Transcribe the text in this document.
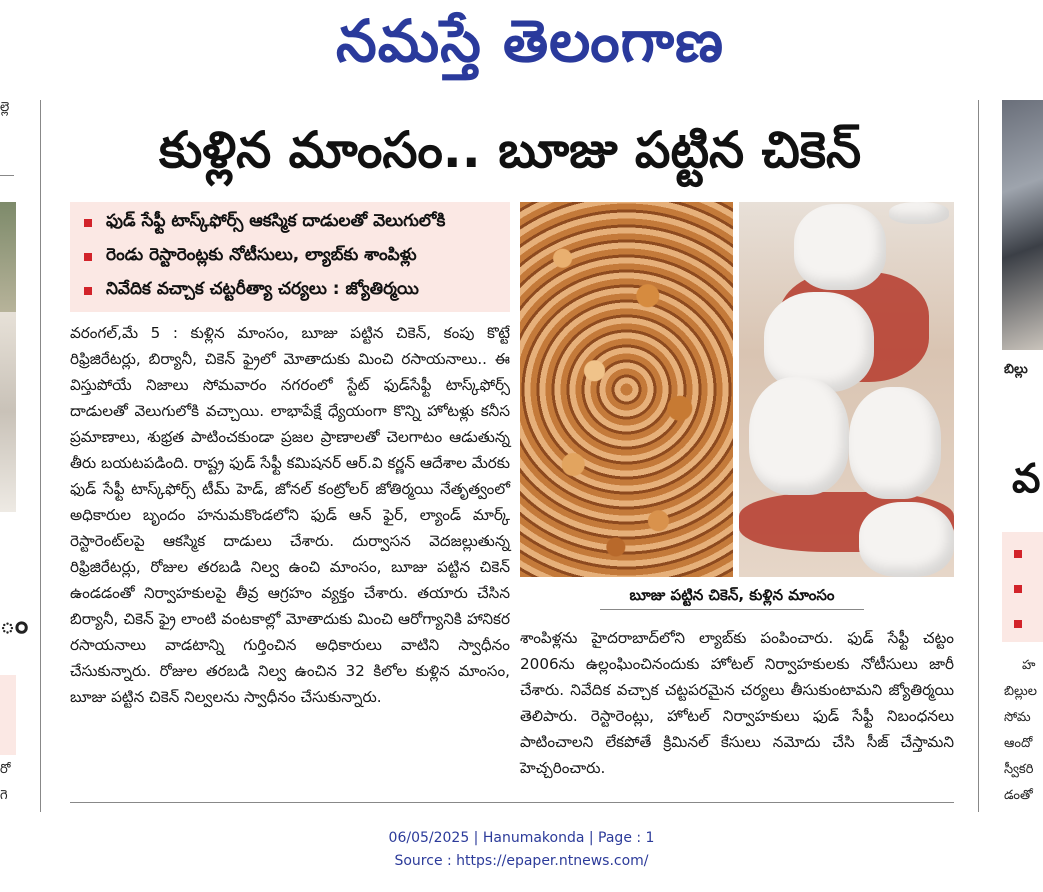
నమస్తే తెలంగాణ
ల్లె
ం
రో
గె
కుళ్లిన మాంసం.. బూజు పట్టిన చికెన్
ఫుడ్ సేఫ్టీ టాస్క్‌ఫోర్స్ ఆకస్మిక దాడులతో వెలుగులోకి
రెండు రెస్టారెంట్లకు నోటీసులు, ల్యాబ్‌కు శాంపిళ్లు
నివేదిక వచ్చాక చట్టరీత్యా చర్యలు : జ్యోతిర్మయి
వరంగల్,మే 5 : కుళ్లిన మాంసం, బూజు పట్టిన చికెన్, కంపు కొట్టే రిఫ్రిజిరేటర్లు, బిర్యానీ, చికెన్ ఫ్రైలో మోతాదుకు మించి రసాయనాలు.. ఈ విస్తుపోయే నిజాలు సోమవారం నగరంలో స్టేట్ ఫుడ్‌సేఫ్టీ టాస్క్‌ఫోర్స్ దాడులతో వెలుగులోకి వచ్చాయి. లాభాపేక్షే ధ్యేయంగా కొన్ని హోటళ్లు కనీస ప్రమాణాలు, శుభ్రత పాటించకుండా ప్రజల ప్రాణాలతో చెలగాటం ఆడుతున్న తీరు బయటపడింది. రాష్ట్ర ఫుడ్ సేఫ్టీ కమిషనర్ ఆర్.వి కర్ణన్ ఆదేశాల మేరకు ఫుడ్ సేఫ్టీ టాస్క్‌ఫోర్స్ టీమ్ హెడ్, జోనల్ కంట్రోలర్ జోతిర్మయి నేతృత్వంలో అధికారుల బృందం హనుమకొండలోని ఫుడ్ ఆన్ ఫైర్, ల్యాండ్ మార్క్ రెస్టారెంట్‌లపై ఆకస్మిక దాడులు చేశారు. దుర్వాసన వెదజల్లుతున్న రిఫ్రిజిరేటర్లు, రోజుల తరబడి నిల్వ ఉంచి మాంసం, బూజు పట్టిన చికెన్ ఉండడంతో నిర్వాహకులపై తీవ్ర ఆగ్రహం వ్యక్తం చేశారు. తయారు చేసిన బిర్యానీ, చికెన్ ఫ్రై లాంటి వంటకాల్లో మోతాదుకు మించి ఆరోగ్యానికి హానికర రసాయనాలు వాడటాన్ని గుర్తించిన అధికారులు వాటిని స్వాధీనం చేసుకున్నారు. రోజుల తరబడి నిల్వ ఉంచిన 32 కిలోల కుళ్లిన మాంసం, బూజు పట్టిన చికెన్ నిల్వలను స్వాధీనం చేసుకున్నారు.
బూజు పట్టిన చికెన్, కుళ్లిన మాంసం
శాంపిళ్లను హైదరాబాద్‌లోని ల్యాబ్‌కు పంపించారు. ఫుడ్ సేఫ్టీ చట్టం 2006ను ఉల్లంఘించినందుకు హోటల్ నిర్వాహకులకు నోటీసులు జారీ చేశారు. నివేదిక వచ్చాక చట్టపరమైన చర్యలు తీసుకుంటామని జ్యోతిర్మయి తెలిపారు. రెస్టారెంట్లు, హోటల్ నిర్వాహకులు ఫుడ్ సేఫ్టీ నిబంధనలు పాటించాలని లేకపోతే క్రిమినల్ కేసులు నమోదు చేసి సీజ్ చేస్తామని హెచ్చరించారు.
బిల్లు
వ
హ
బిల్లుల
సోమ
ఆందో
స్వీకరి
డంతో
06/05/2025 | Hanumakonda | Page : 1
Source : https://epaper.ntnews.com/
